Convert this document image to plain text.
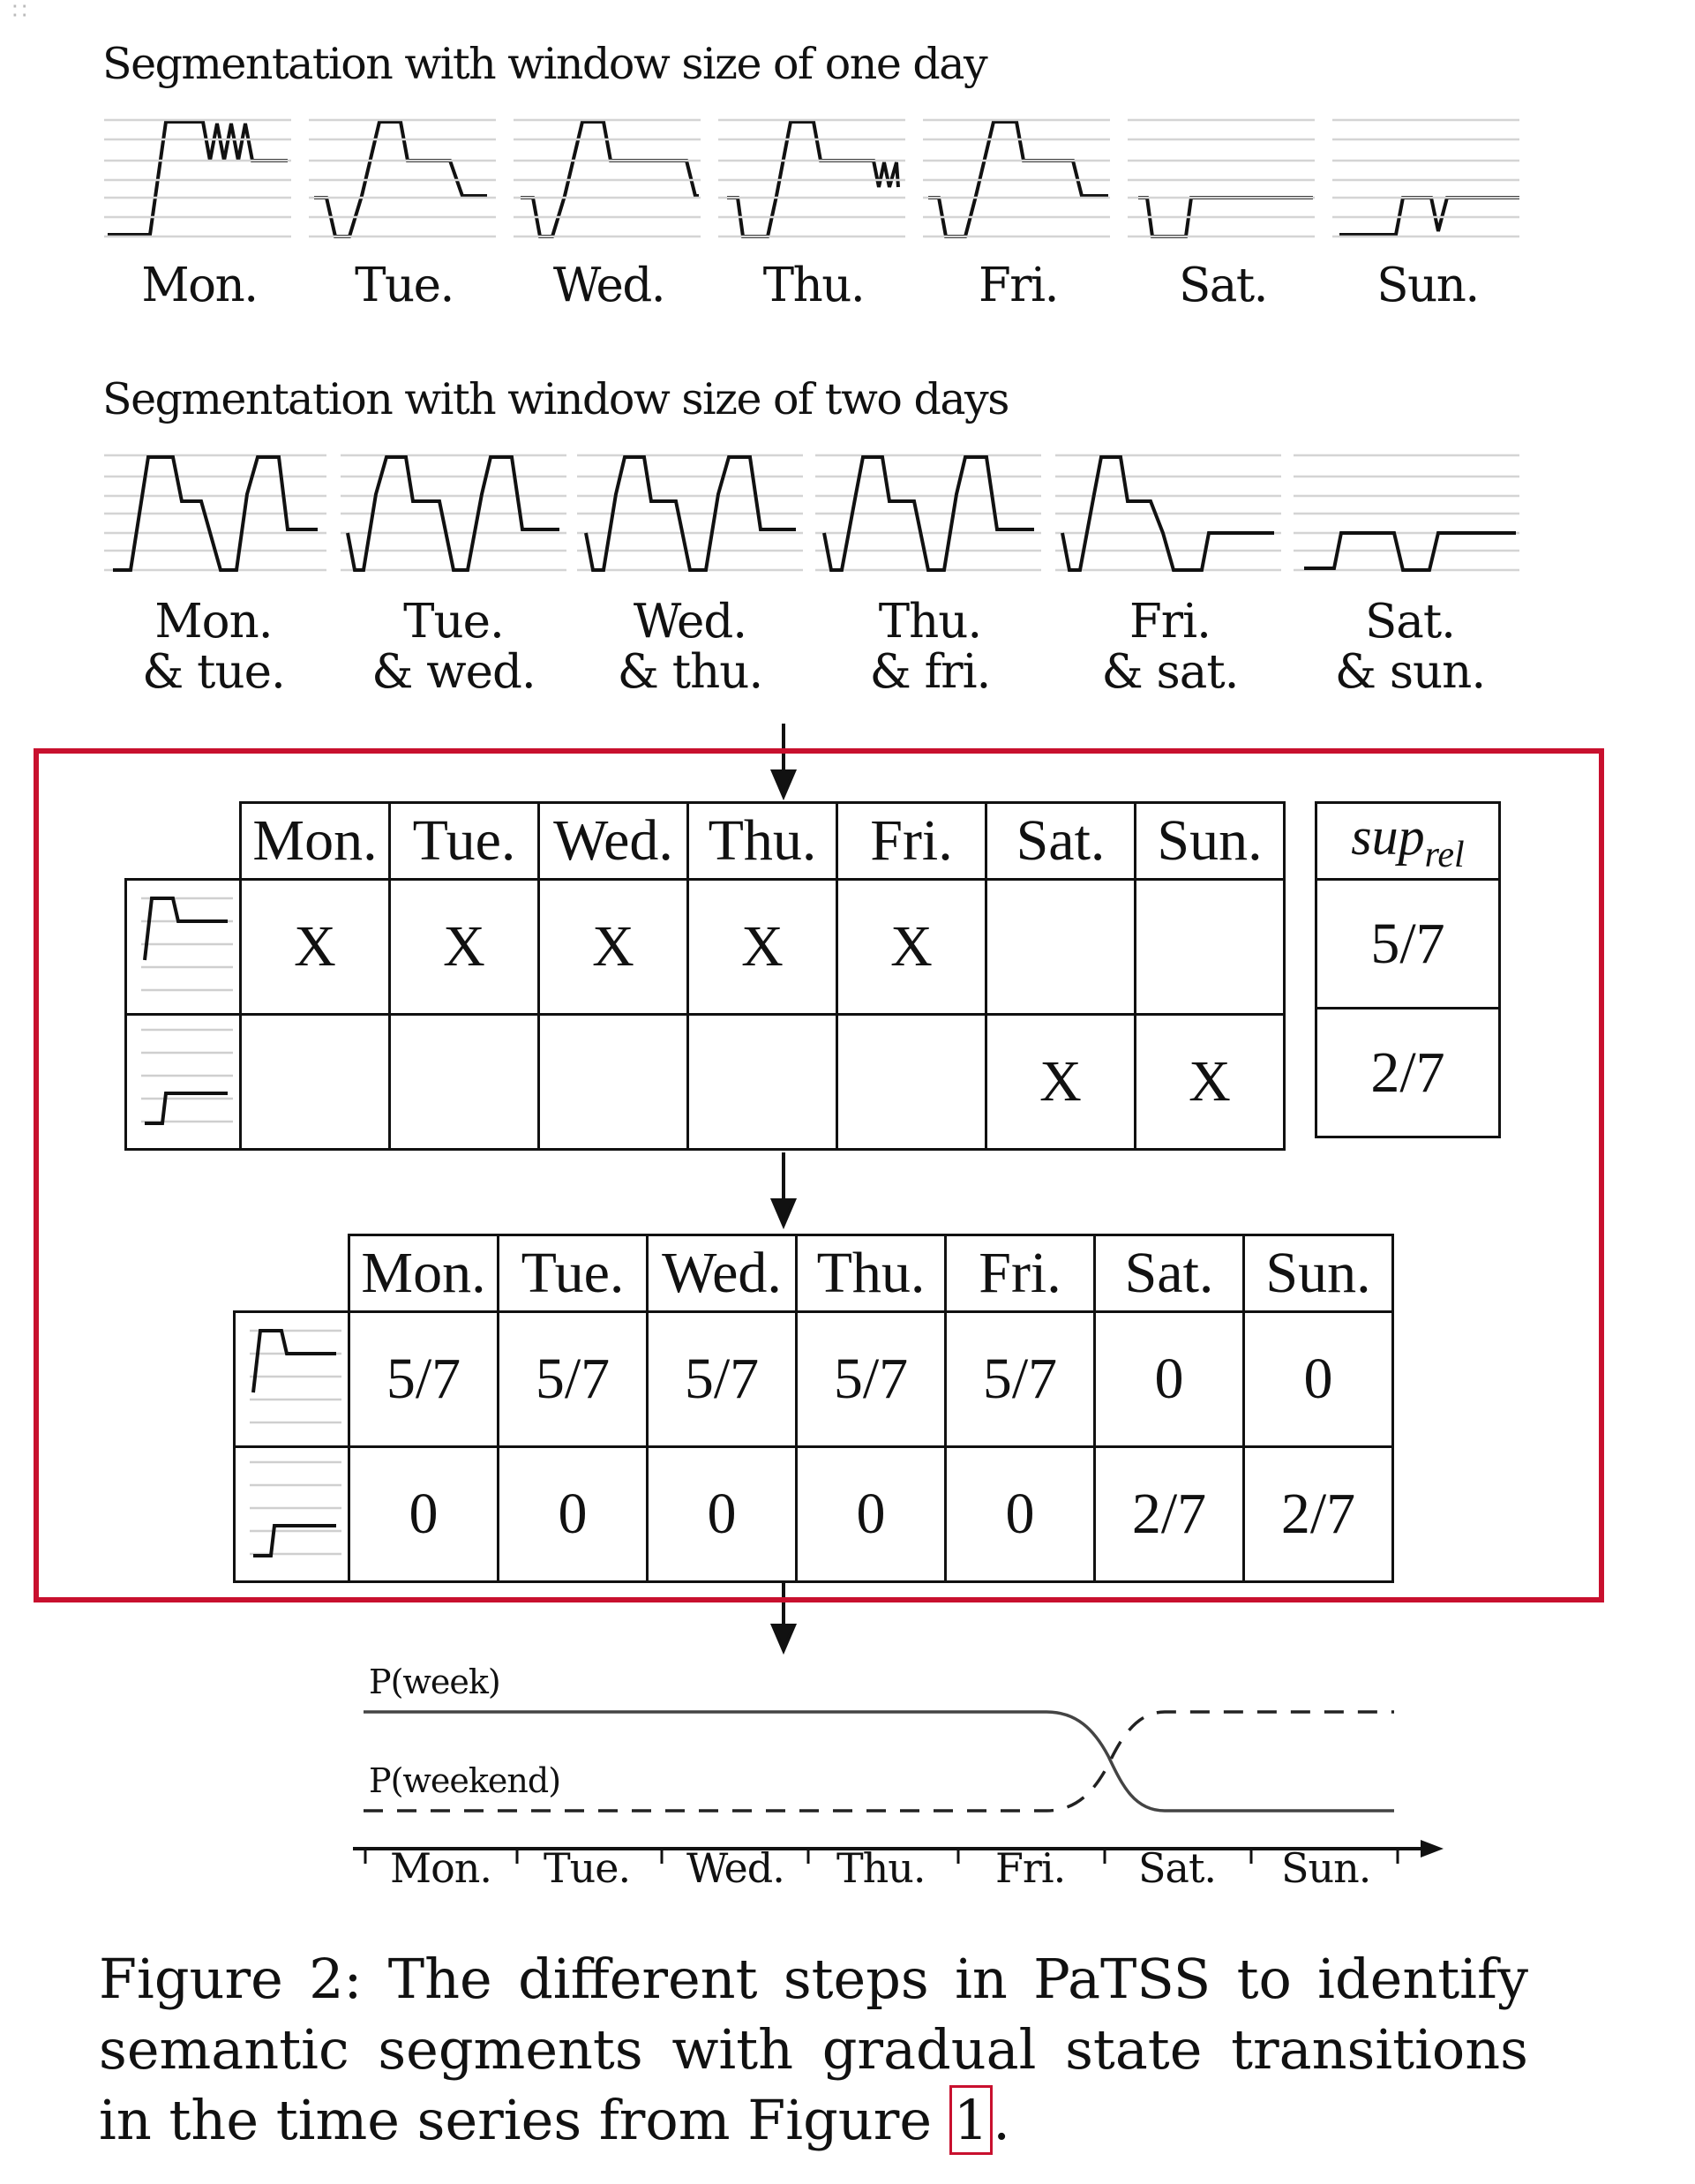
∷
Segmentation with window size of one day
Mon.	Tue.	Wed.	Thu.	Fri.	Sat.	Sun.
Segmentation with window size of two days
Mon.
& tue.
Tue.
& wed.
Wed.
& thu.
Thu.
& fri.
Fri.
& sat.
Sat.
& sun.
	Mon.	Tue.	Wed.	Thu.	Fri.	Sat.	Sun.
	X	X	X	X	X		
						X	X
sup$_{rel}$
5/7
2/7
	Mon.	Tue.	Wed.	Thu.	Fri.	Sat.	Sun.
	5/7	5/7	5/7	5/7	5/7	0	0
	0	0	0	0	0	2/7	2/7
P(week)
P(weekend)
Mon. Tue. Wed. Thu. Fri. Sat. Sun.
Figure 2: The different steps in PaTSS to identify semantic segments with gradual state transitions in the time series from Figure 1.
